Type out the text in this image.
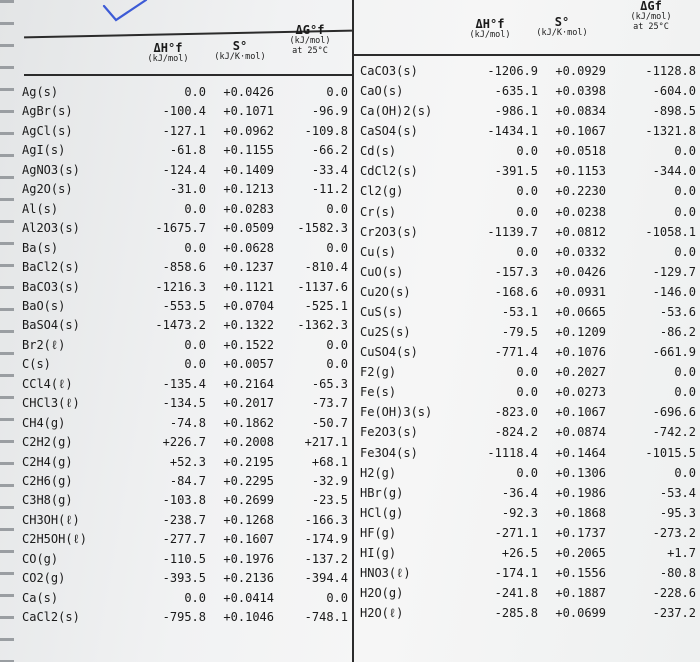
ΔH°f
(kJ/mol)
S°
(kJ/K·mol)
ΔG°f
(kJ/mol)
at 25°C
ΔH°f
(kJ/mol)
S°
(kJ/K·mol)
ΔGf
(kJ/mol)
at 25°C
Ag(s)	0.0	+0.0426	0.0
AgBr(s)	-100.4	+0.1071	-96.9
AgCl(s)	-127.1	+0.0962	-109.8
AgI(s)	-61.8	+0.1155	-66.2
AgNO3(s)	-124.4	+0.1409	-33.4
Ag2O(s)	-31.0	+0.1213	-11.2
Al(s)	0.0	+0.0283	0.0
Al2O3(s)	-1675.7	+0.0509	-1582.3
Ba(s)	0.0	+0.0628	0.0
BaCl2(s)	-858.6	+0.1237	-810.4
BaCO3(s)	-1216.3	+0.1121	-1137.6
BaO(s)	-553.5	+0.0704	-525.1
BaSO4(s)	-1473.2	+0.1322	-1362.3
Br2(ℓ)	0.0	+0.1522	0.0
C(s)	0.0	+0.0057	0.0
CCl4(ℓ)	-135.4	+0.2164	-65.3
CHCl3(ℓ)	-134.5	+0.2017	-73.7
CH4(g)	-74.8	+0.1862	-50.7
C2H2(g)	+226.7	+0.2008	+217.1
C2H4(g)	+52.3	+0.2195	+68.1
C2H6(g)	-84.7	+0.2295	-32.9
C3H8(g)	-103.8	+0.2699	-23.5
CH3OH(ℓ)	-238.7	+0.1268	-166.3
C2H5OH(ℓ)	-277.7	+0.1607	-174.9
CO(g)	-110.5	+0.1976	-137.2
CO2(g)	-393.5	+0.2136	-394.4
Ca(s)	0.0	+0.0414	0.0
CaCl2(s)	-795.8	+0.1046	-748.1
CaCO3(s)	-1206.9	+0.0929	-1128.8
CaO(s)	-635.1	+0.0398	-604.0
Ca(OH)2(s)	-986.1	+0.0834	-898.5
CaSO4(s)	-1434.1	+0.1067	-1321.8
Cd(s)	0.0	+0.0518	0.0
CdCl2(s)	-391.5	+0.1153	-344.0
Cl2(g)	0.0	+0.2230	0.0
Cr(s)	0.0	+0.0238	0.0
Cr2O3(s)	-1139.7	+0.0812	-1058.1
Cu(s)	0.0	+0.0332	0.0
CuO(s)	-157.3	+0.0426	-129.7
Cu2O(s)	-168.6	+0.0931	-146.0
CuS(s)	-53.1	+0.0665	-53.6
Cu2S(s)	-79.5	+0.1209	-86.2
CuSO4(s)	-771.4	+0.1076	-661.9
F2(g)	0.0	+0.2027	0.0
Fe(s)	0.0	+0.0273	0.0
Fe(OH)3(s)	-823.0	+0.1067	-696.6
Fe2O3(s)	-824.2	+0.0874	-742.2
Fe3O4(s)	-1118.4	+0.1464	-1015.5
H2(g)	0.0	+0.1306	0.0
HBr(g)	-36.4	+0.1986	-53.4
HCl(g)	-92.3	+0.1868	-95.3
HF(g)	-271.1	+0.1737	-273.2
HI(g)	+26.5	+0.2065	+1.7
HNO3(ℓ)	-174.1	+0.1556	-80.8
H2O(g)	-241.8	+0.1887	-228.6
H2O(ℓ)	-285.8	+0.0699	-237.2
